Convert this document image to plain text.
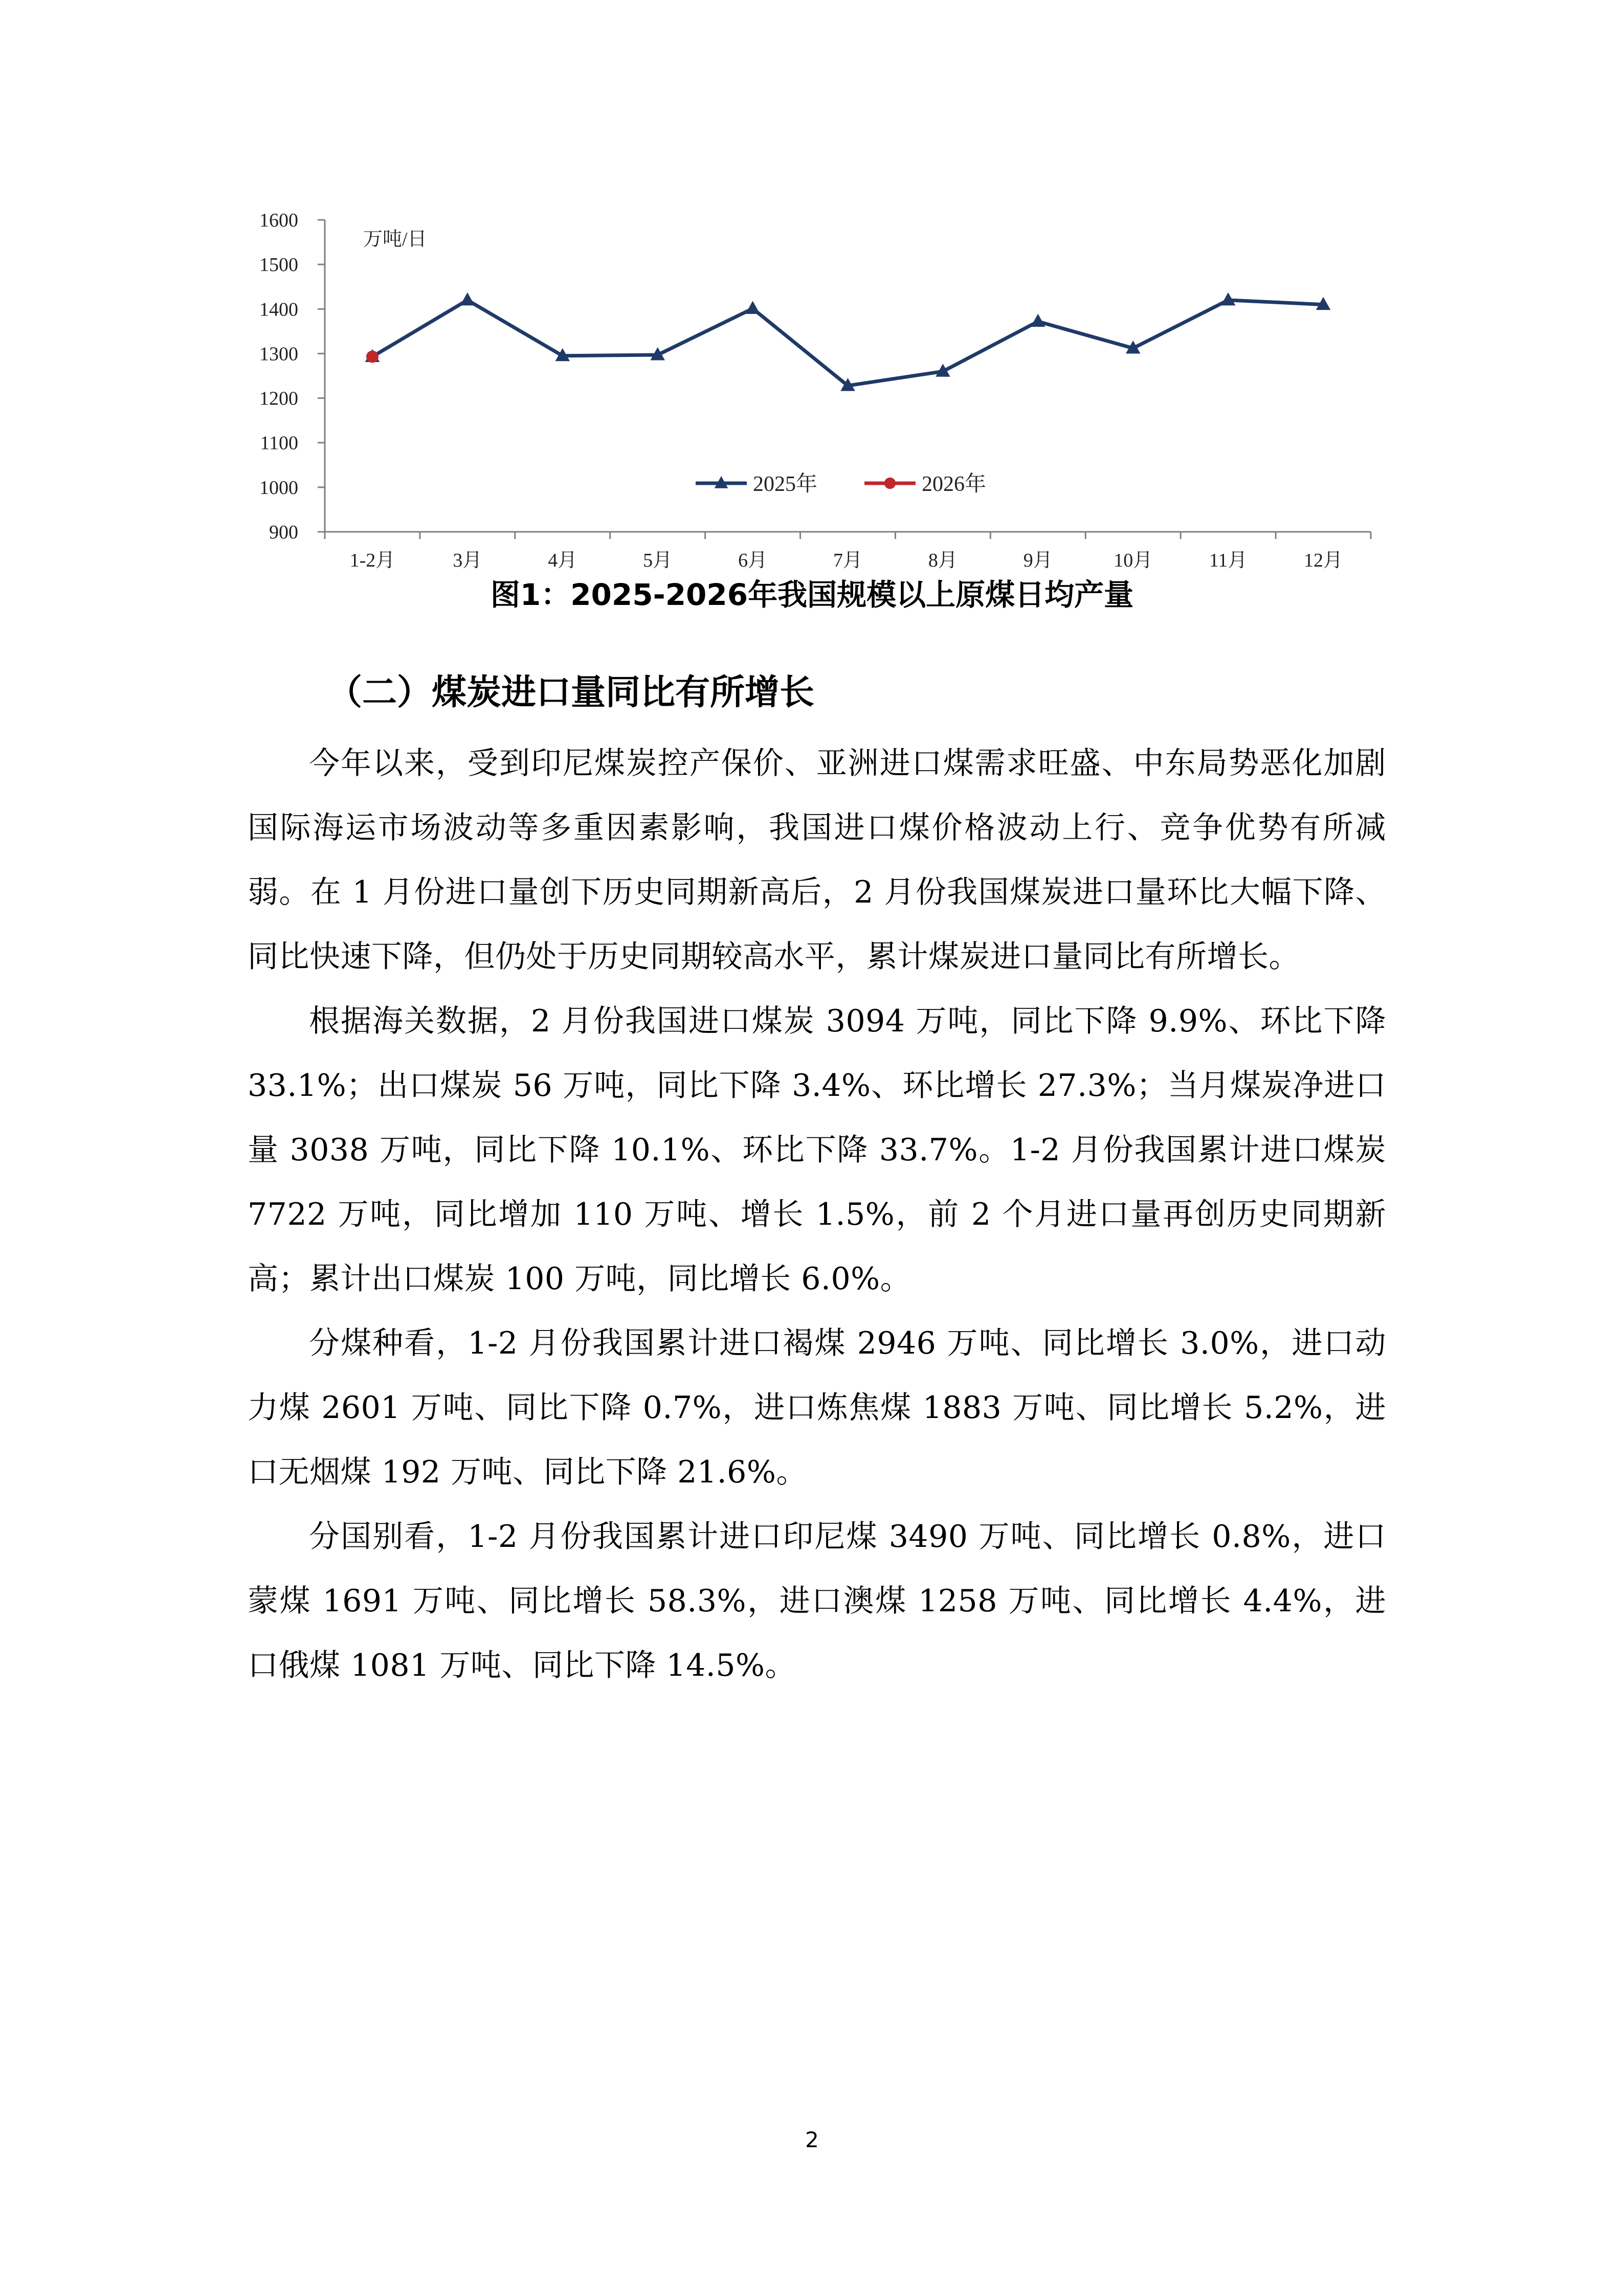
900
1000
1100
1200
1300
1400
1500
1600
1-2月	3月	4月	5月	6月	7月	8月	9月	10月	11月	12月
万吨/日
2025年	2026年
图1：2025-2026年我国规模以上原煤日均产量
（二）煤炭进口量同比有所增长

今年以来，受到印尼煤炭控产保价、亚洲进口煤需求旺盛、中东局势恶化加剧国际海运市场波动等多重因素影响，我国进口煤价格波动上行、竞争优势有所减弱。在 1 月份进口量创下历史同期新高后，2 月份我国煤炭进口量环比大幅下降、同比快速下降，但仍处于历史同期较高水平，累计煤炭进口量同比有所增长。

根据海关数据，2 月份我国进口煤炭 3094 万吨，同比下降 9.9%、环比下降 33.1%；出口煤炭 56 万吨，同比下降 3.4%、环比增长 27.3%；当月煤炭净进口量 3038 万吨，同比下降 10.1%、环比下降 33.7%。1-2 月份我国累计进口煤炭 7722 万吨，同比增加 110 万吨、增长 1.5%，前 2 个月进口量再创历史同期新高；累计出口煤炭 100 万吨，同比增长 6.0%。

分煤种看，1-2 月份我国累计进口褐煤 2946 万吨、同比增长 3.0%，进口动力煤 2601 万吨、同比下降 0.7%，进口炼焦煤 1883 万吨、同比增长 5.2%，进口无烟煤 192 万吨、同比下降 21.6%。

分国别看，1-2 月份我国累计进口印尼煤 3490 万吨、同比增长 0.8%，进口蒙煤 1691 万吨、同比增长 58.3%，进口澳煤 1258 万吨、同比增长 4.4%，进口俄煤 1081 万吨、同比下降 14.5%。

2
